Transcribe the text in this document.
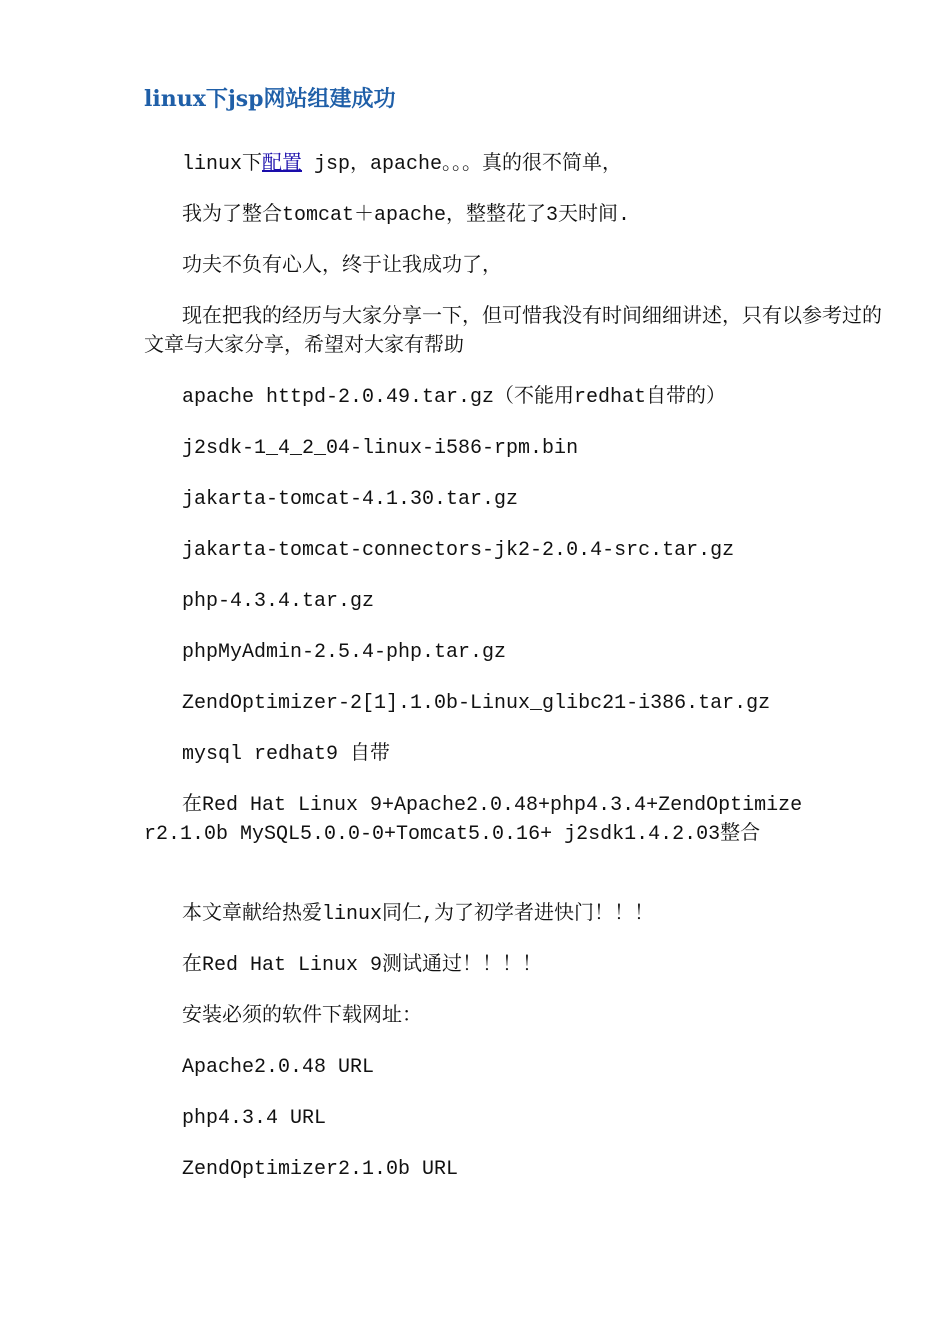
linux下jsp网站组建成功

linux下配置 jsp，apache。。。真的很不简单，

我为了整合tomcat＋apache，整整花了3天时间.

功夫不负有心人，终于让我成功了，

现在把我的经历与大家分享一下，但可惜我没有时间细细讲述，只有以参考过的文章与大家分享，希望对大家有帮助

apache httpd-2.0.49.tar.gz（不能用redhat自带的）

j2sdk-1_4_2_04-linux-i586-rpm.bin

jakarta-tomcat-4.1.30.tar.gz

jakarta-tomcat-connectors-jk2-2.0.4-src.tar.gz

php-4.3.4.tar.gz

phpMyAdmin-2.5.4-php.tar.gz

ZendOptimizer-2[1].1.0b-Linux_glibc21-i386.tar.gz

mysql redhat9 自带

在Red Hat Linux 9+Apache2.0.48+php4.3.4+ZendOptimizer2.1.0b MySQL5.0.0-0+Tomcat5.0.16+ j2sdk1.4.2.03整合

本文章献给热爱linux同仁,为了初学者进快门！！！

在Red Hat Linux 9测试通过！！！！

安装必须的软件下载网址：

Apache2.0.48 URL

php4.3.4 URL

ZendOptimizer2.1.0b URL
